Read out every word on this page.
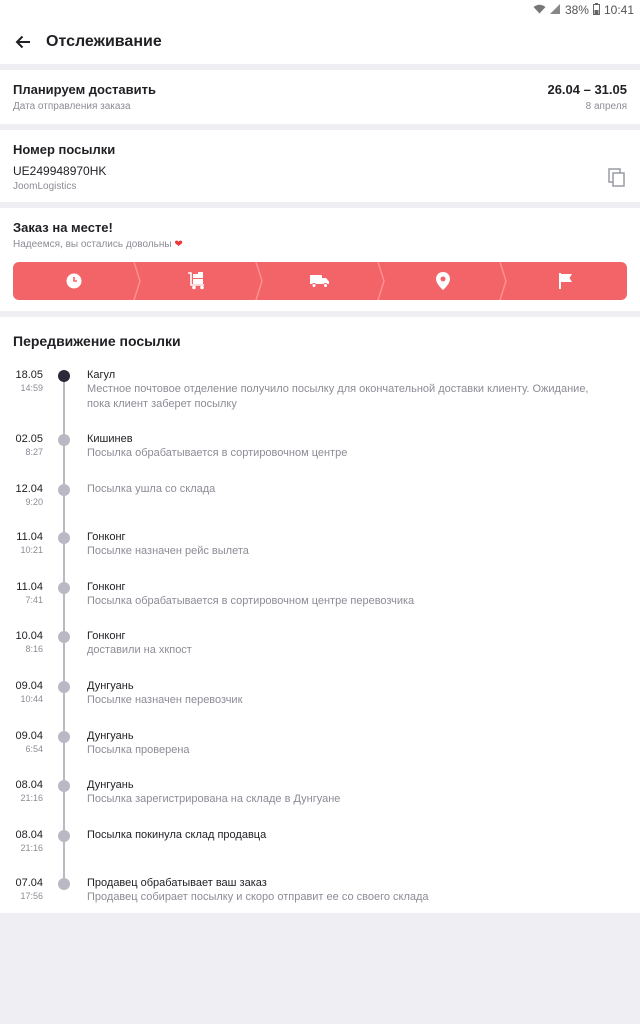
38% 10:41
Отслеживание
Планируем доставить
Дата отправления заказа
26.04 – 31.05
8 апреля
Номер посылки
UE249948970HK
JoomLogistics
Заказ на месте!
Надеемся, вы остались довольны ❤
Передвижение посылки
18.05
14:59
Кагул
Местное почтовое отделение получило посылку для окончательной доставки клиенту. Ожидание, пока клиент заберет посылку
02.05
8:27
Кишинев
Посылка обрабатывается в сортировочном центре
12.04
9:20
Посылка ушла со склада
11.04
10:21
Гонконг
Посылке назначен рейс вылета
11.04
7:41
Гонконг
Посылка обрабатывается в сортировочном центре перевозчика
10.04
8:16
Гонконг
доставили на хкпост
09.04
10:44
Дунгуань
Посылке назначен перевозчик
09.04
6:54
Дунгуань
Посылка проверена
08.04
21:16
Дунгуань
Посылка зарегистрирована на складе в Дунгуане
08.04
21:16
Посылка покинула склад продавца
07.04
17:56
Продавец обрабатывает ваш заказ
Продавец собирает посылку и скоро отправит ее со своего склада
